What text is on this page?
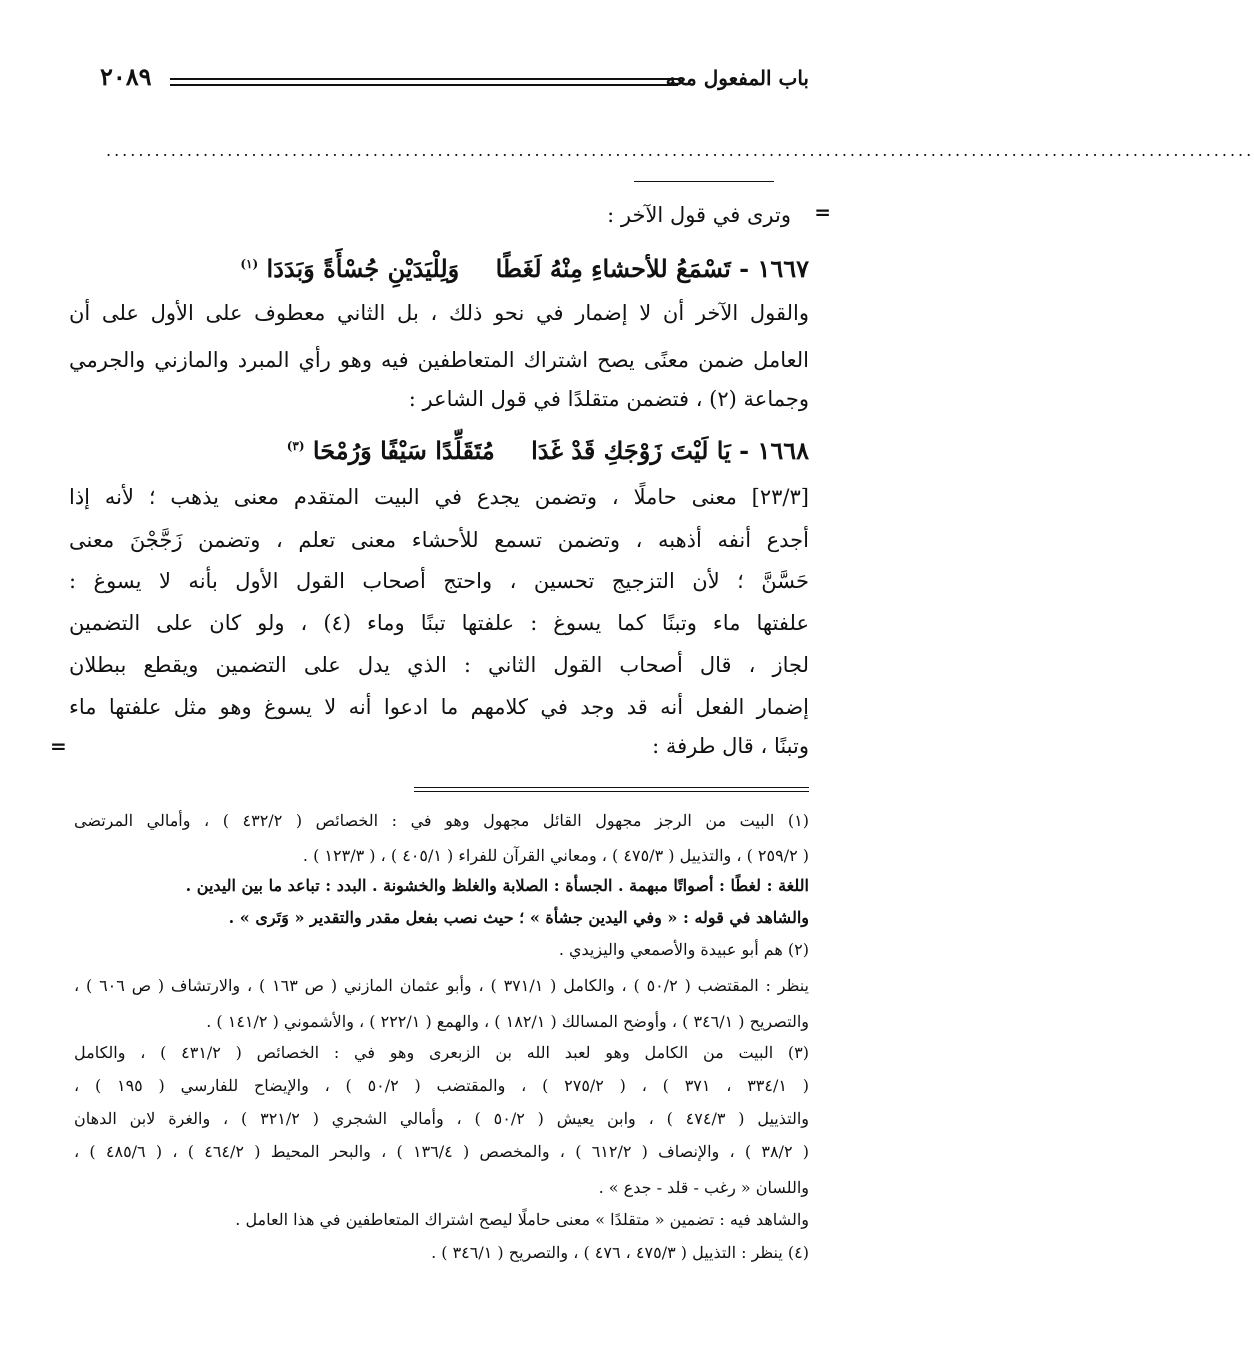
باب المفعول معه
٢٠٨٩
..............................................................................................................................................
=
=
وترى في قول الآخر :
١٦٦٧ - تَسْمَعُ للأحشاءِ مِنْهُ لَغَطًا وَلِلْيَدَيْنِ جُسْأَةً وَبَدَدَا $^{(١)}$
والقول الآخر أن لا إضمار في نحو ذلك ، بل الثاني معطوف على الأول على أن
العامل ضمن معنًى يصح اشتراك المتعاطفين فيه وهو رأي المبرد والمازني والجرمي
وجماعة (٢) ، فتضمن متقلدًا في قول الشاعر :
١٦٦٨ - يَا لَيْتَ زَوْجَكِ قَدْ غَدَا مُتَقَلِّدًا سَيْفًا وَرُمْحَا $^{(٣)}$
[٢٣/٣] معنى حاملًا ، وتضمن يجدع في البيت المتقدم معنى يذهب ؛ لأنه إذا
أجدع أنفه أذهبه ، وتضمن تسمع للأحشاء معنى تعلم ، وتضمن زَجَّجْنَ معنى
حَسَّنَّ ؛ لأن التزجيج تحسين ، واحتج أصحاب القول الأول بأنه لا يسوغ :
علفتها ماء وتبنًا كما يسوغ : علفتها تبنًا وماء (٤) ، ولو كان على التضمين
لجاز ، قال أصحاب القول الثاني : الذي يدل على التضمين ويقطع ببطلان
إضمار الفعل أنه قد وجد في كلامهم ما ادعوا أنه لا يسوغ وهو مثل علفتها ماء
وتبنًا ، قال طرفة :
(١) البيت من الرجز مجهول القائل مجهول وهو في : الخصائص ( ٤٣٢/٢ ) ، وأمالي المرتضى
( ٢٥٩/٢ ) ، والتذييل ( ٤٧٥/٣ ) ، ومعاني القرآن للفراء ( ٤٠٥/١ ) ، ( ١٢٣/٣ ) .
اللغة : لغطًا : أصواتًا مبهمة . الجسأة : الصلابة والغلظ والخشونة . البدد : تباعد ما بين اليدين .
والشاهد في قوله : « وفي اليدين جشأة » ؛ حيث نصب بفعل مقدر والتقدير « وَتَرى » .
(٢) هم أبو عبيدة والأصمعي واليزيدي .
ينظر : المقتضب ( ٥٠/٢ ) ، والكامل ( ٣٧١/١ ) ، وأبو عثمان المازني ( ص ١٦٣ ) ، والارتشاف ( ص ٦٠٦ ) ،
والتصريح ( ٣٤٦/١ ) ، وأوضح المسالك ( ١٨٢/١ ) ، والهمع ( ٢٢٢/١ ) ، والأشموني ( ١٤١/٢ ) .
(٣) البيت من الكامل وهو لعبد الله بن الزبعرى وهو في : الخصائص ( ٤٣١/٢ ) ، والكامل
( ٣٣٤/١ ، ٣٧١ ) ، ( ٢٧٥/٢ ) ، والمقتضب ( ٥٠/٢ ) ، والإيضاح للفارسي ( ١٩٥ ) ،
والتذييل ( ٤٧٤/٣ ) ، وابن يعيش ( ٥٠/٢ ) ، وأمالي الشجري ( ٣٢١/٢ ) ، والغرة لابن الدهان
( ٣٨/٢ ) ، والإنصاف ( ٦١٢/٢ ) ، والمخصص ( ١٣٦/٤ ) ، والبحر المحيط ( ٤٦٤/٢ ) ، ( ٤٨٥/٦ ) ،
واللسان « رغب - قلد - جدع » .
والشاهد فيه : تضمين « متقلدًا » معنى حاملًا ليصح اشتراك المتعاطفين في هذا العامل .
(٤) ينظر : التذييل ( ٤٧٥/٣ ، ٤٧٦ ) ، والتصريح ( ٣٤٦/١ ) .
